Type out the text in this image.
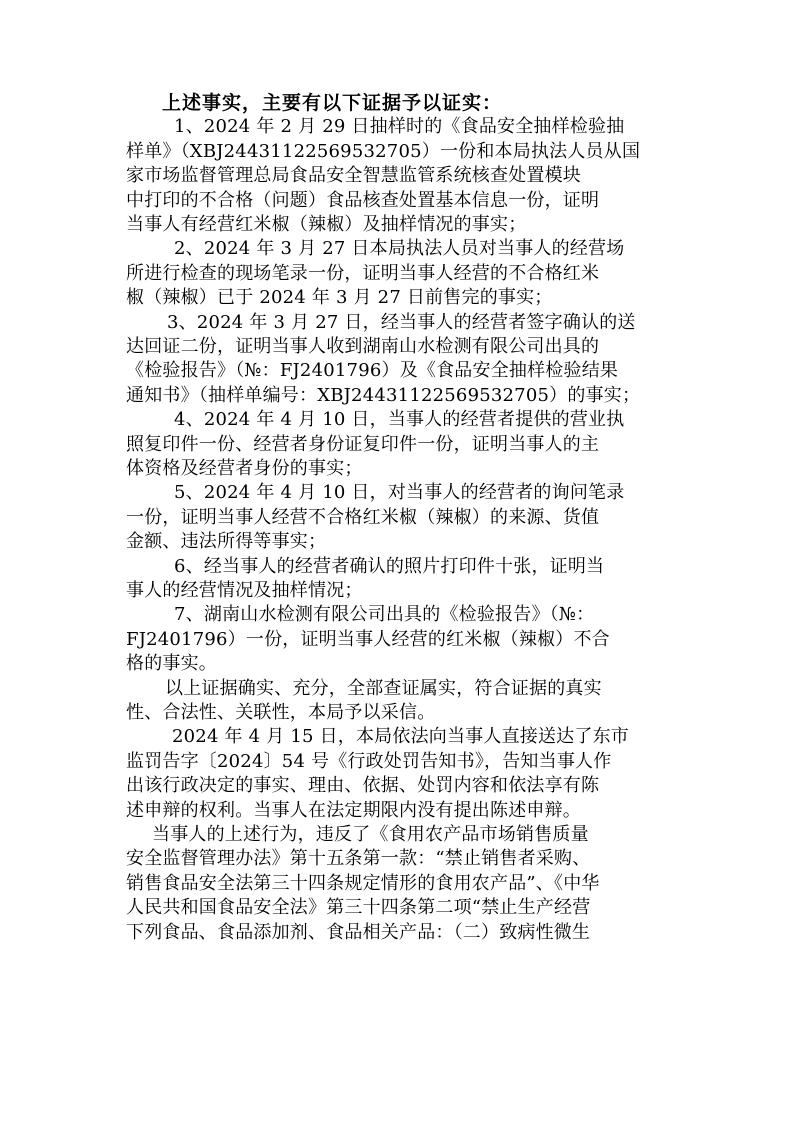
上述事实，主要有以下证据予以证实：
1、2024 年 2 月 29 日抽样时的《食品安全抽样检验抽
样单》（XBJ24431122569532705）一份和本局执法人员从国
家市场监督管理总局食品安全智慧监管系统核查处置模块
中打印的不合格（问题）食品核查处置基本信息一份，证明
当事人有经营红米椒（辣椒）及抽样情况的事实；
2、2024 年 3 月 27 日本局执法人员对当事人的经营场
所进行检查的现场笔录一份，证明当事人经营的不合格红米
椒（辣椒）已于 2024 年 3 月 27 日前售完的事实；
3、2024 年 3 月 27 日，经当事人的经营者签字确认的送
达回证二份，证明当事人收到湖南山水检测有限公司出具的
《检验报告》（№：FJ2401796）及《食品安全抽样检验结果
通知书》（抽样单编号：XBJ24431122569532705）的事实；
4、2024 年 4 月 10 日，当事人的经营者提供的营业执
照复印件一份、经营者身份证复印件一份，证明当事人的主
体资格及经营者身份的事实；
5、2024 年 4 月 10 日，对当事人的经营者的询问笔录
一份，证明当事人经营不合格红米椒（辣椒）的来源、货值
金额、违法所得等事实；
6、经当事人的经营者确认的照片打印件十张，证明当
事人的经营情况及抽样情况；
7、湖南山水检测有限公司出具的《检验报告》（№：
FJ2401796）一份，证明当事人经营的红米椒（辣椒）不合
格的事实。
以上证据确实、充分，全部查证属实，符合证据的真实
性、合法性、关联性，本局予以采信。
2024 年 4 月 15 日，本局依法向当事人直接送达了东市
监罚告字〔2024〕54 号《行政处罚告知书》，告知当事人作
出该行政决定的事实、理由、依据、处罚内容和依法享有陈
述申辩的权利。当事人在法定期限内没有提出陈述申辩。
当事人的上述行为，违反了《食用农产品市场销售质量
安全监督管理办法》第十五条第一款：“禁止销售者采购、
销售食品安全法第三十四条规定情形的食用农产品”、《中华
人民共和国食品安全法》第三十四条第二项“禁止生产经营
下列食品、食品添加剂、食品相关产品：（二）致病性微生
